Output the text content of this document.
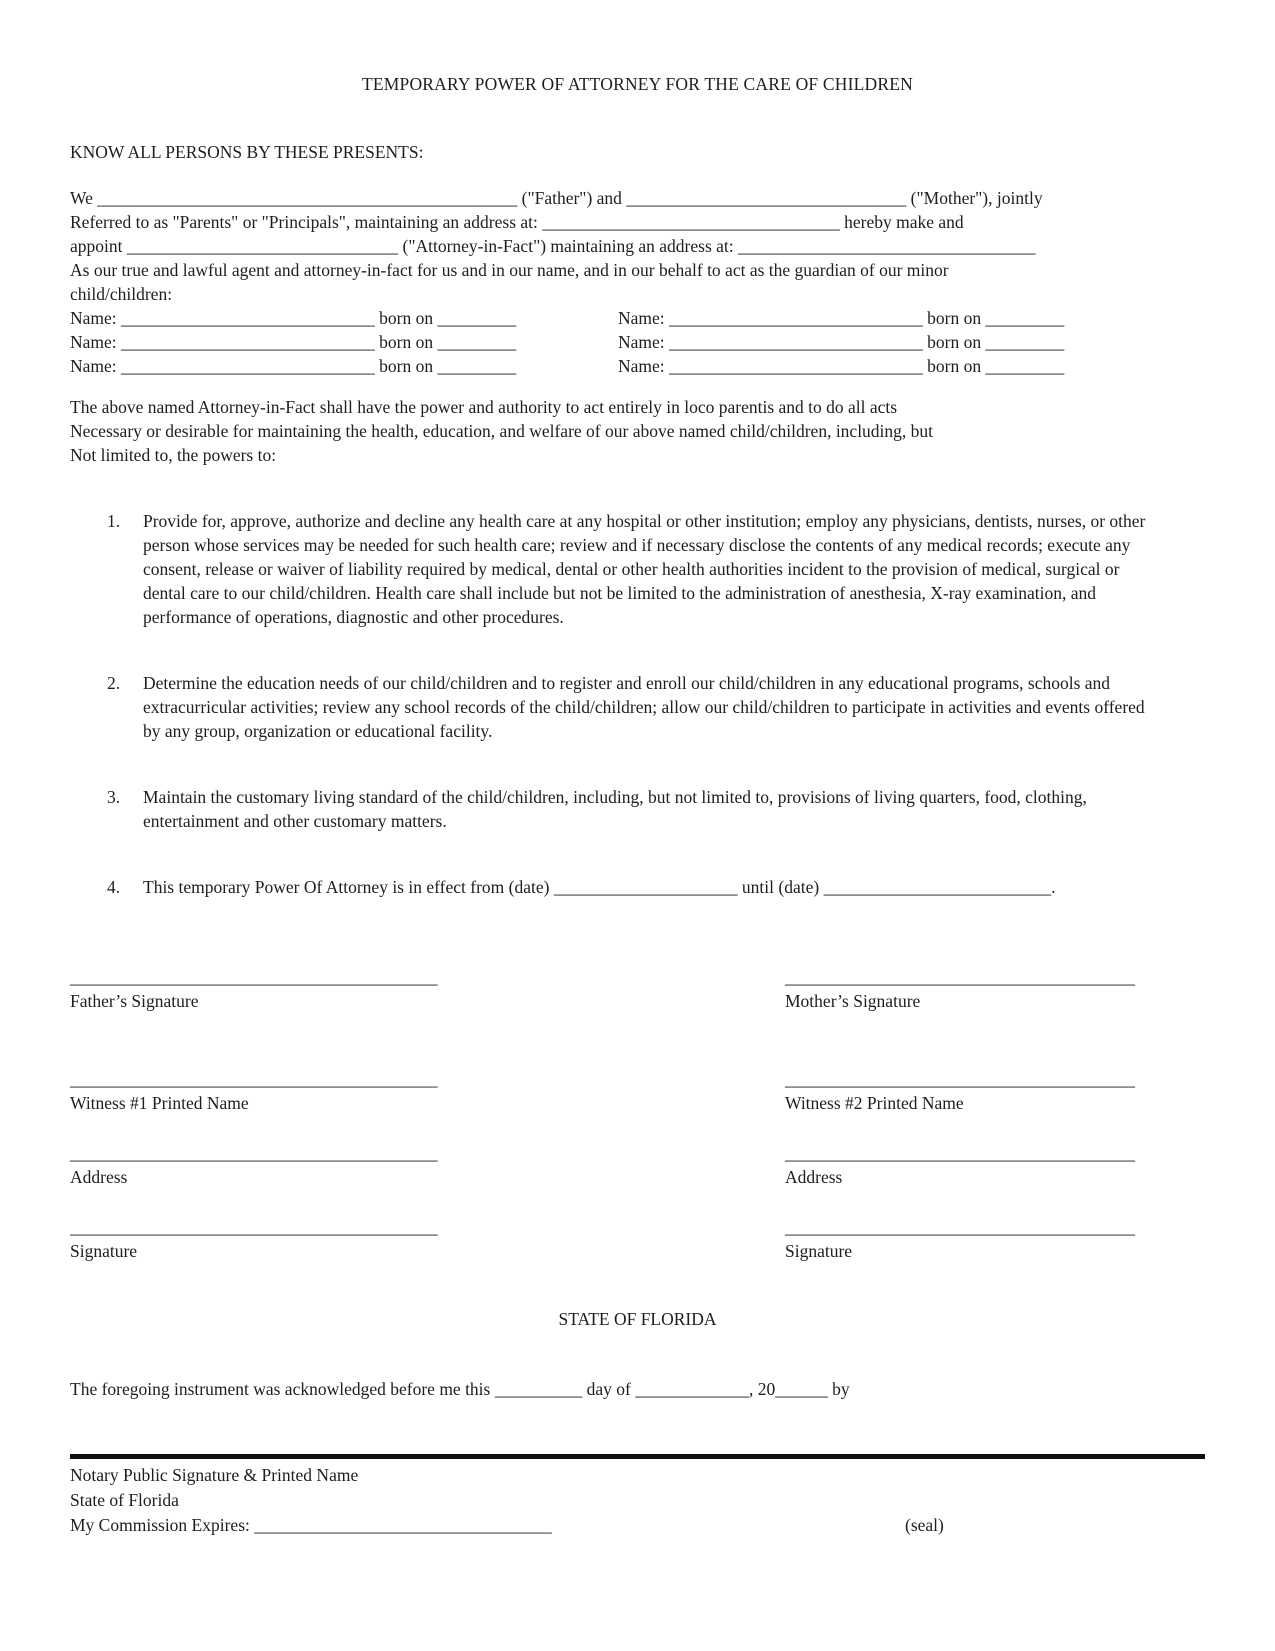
TEMPORARY POWER OF ATTORNEY FOR THE CARE OF CHILDREN
KNOW ALL PERSONS BY THESE PRESENTS:
We ________________________________________________ ("Father") and ________________________________ ("Mother"), jointly
Referred to as "Parents" or "Principals", maintaining an address at: __________________________________ hereby make and
appoint _______________________________ ("Attorney-in-Fact") maintaining an address at: __________________________________
As our true and lawful agent and attorney-in-fact for us and in our name, and in our behalf to act as the guardian of our minor
child/children:
Name: _____________________________ born on _________	Name: _____________________________ born on _________
Name: _____________________________ born on _________	Name: _____________________________ born on _________
Name: _____________________________ born on _________	Name: _____________________________ born on _________
The above named Attorney-in-Fact shall have the power and authority to act entirely in loco parentis and to do all acts
Necessary or desirable for maintaining the health, education, and welfare of our above named child/children, including, but
Not limited to, the powers to:
1.	Provide for, approve, authorize and decline any health care at any hospital or other institution; employ any physicians, dentists, nurses, or other person whose services may be needed for such health care; review and if necessary disclose the contents of any medical records; execute any consent, release or waiver of liability required by medical, dental or other health authorities incident to the provision of medical, surgical or dental care to our child/children. Health care shall include but not be limited to the administration of anesthesia, X-ray examination, and performance of operations, diagnostic and other procedures.
2.	Determine the education needs of our child/children and to register and enroll our child/children in any educational programs, schools and extracurricular activities; review any school records of the child/children; allow our child/children to participate in activities and events offered by any group, organization or educational facility.
3.	Maintain the customary living standard of the child/children, including, but not limited to, provisions of living quarters, food, clothing, entertainment and other customary matters.
4.	This temporary Power Of Attorney is in effect from (date) _____________________ until (date) __________________________.
__________________________________________
Father’s Signature
__________________________________________
Witness #1 Printed Name
__________________________________________
Address
__________________________________________
Signature
________________________________________
Mother’s Signature
________________________________________
Witness #2 Printed Name
________________________________________
Address
________________________________________
Signature
STATE OF FLORIDA
The foregoing instrument was acknowledged before me this __________ day of _____________, 20______ by
Notary Public Signature & Printed Name
State of Florida
My Commission Expires: __________________________________	(seal)
